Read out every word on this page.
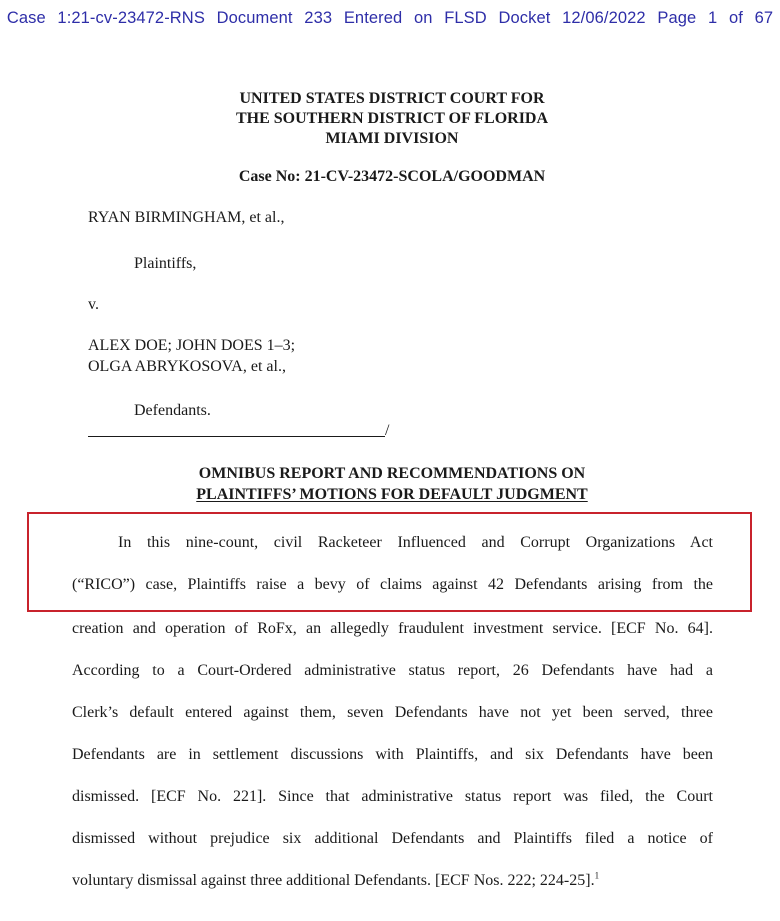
Case 1:21-cv-23472-RNS Document 233 Entered on FLSD Docket 12/06/2022 Page 1 of 67
UNITED STATES DISTRICT COURT FOR
THE SOUTHERN DISTRICT OF FLORIDA
MIAMI DIVISION
Case No: 21-CV-23472-SCOLA/GOODMAN
RYAN BIRMINGHAM, et al.,
Plaintiffs,
v.
ALEX DOE; JOHN DOES 1–3;
OLGA ABRYKOSOVA, et al.,
Defendants.
/
OMNIBUS REPORT AND RECOMMENDATIONS ON
PLAINTIFFS’ MOTIONS FOR DEFAULT JUDGMENT
In this nine-count, civil Racketeer Influenced and Corrupt Organizations Act
(“RICO”) case, Plaintiffs raise a bevy of claims against 42 Defendants arising from the
creation and operation of RoFx, an allegedly fraudulent investment service. [ECF No. 64].
According to a Court-Ordered administrative status report, 26 Defendants have had a
Clerk’s default entered against them, seven Defendants have not yet been served, three
Defendants are in settlement discussions with Plaintiffs, and six Defendants have been
dismissed. [ECF No. 221]. Since that administrative status report was filed, the Court
dismissed without prejudice six additional Defendants and Plaintiffs filed a notice of
voluntary dismissal against three additional Defendants. [ECF Nos. 222; 224-25].$^1$
